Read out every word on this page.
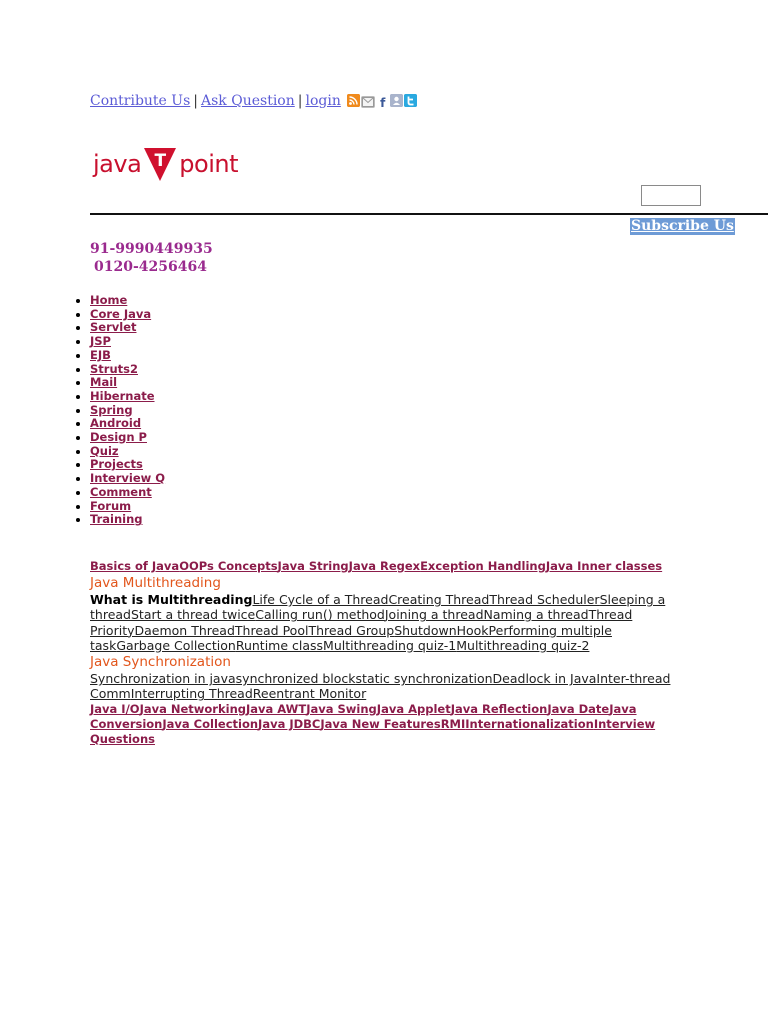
Contribute Us | Ask Question | login	f
java T point
Subscribe Us
91-9990449935
0120-4256464
• Home
• Core Java
• Servlet
• JSP
• EJB
• Struts2
• Mail
• Hibernate
• Spring
• Android
• Design P
• Quiz
• Projects
• Interview Q
• Comment
• Forum
• Training
Basics of JavaOOPs ConceptsJava StringJava RegexException HandlingJava Inner classes
Java Multithreading
What is MultithreadingLife Cycle of a ThreadCreating ThreadThread SchedulerSleeping a threadStart a thread twiceCalling run() methodJoining a threadNaming a threadThread PriorityDaemon ThreadThread PoolThread GroupShutdownHookPerforming multiple taskGarbage CollectionRuntime classMultithreading quiz-1Multithreading quiz-2
Java Synchronization
Synchronization in javasynchronized blockstatic synchronizationDeadlock in JavaInter-thread CommInterrupting ThreadReentrant Monitor
Java I/OJava NetworkingJava AWTJava SwingJava AppletJava ReflectionJava DateJava ConversionJava CollectionJava JDBCJava New FeaturesRMIInternationalizationInterview Questions
